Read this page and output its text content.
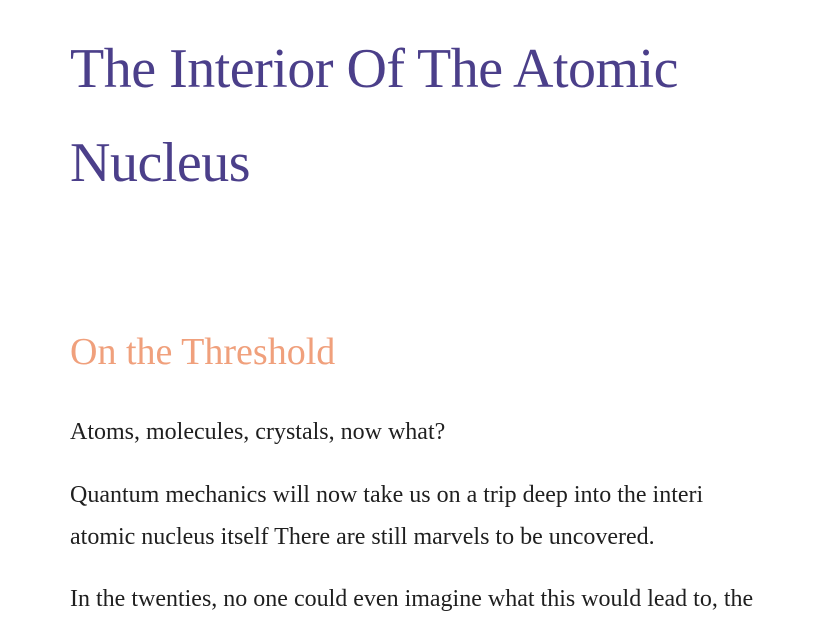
The Interior Of The Atomic Nucleus
On the Threshold

Atoms, molecules, crystals, now what?

Quantum mechanics will now take us on a trip deep into the interi
atomic nucleus itself There are still marvels to be uncovered.

In the twenties, no one could even imagine what this would lead to, the
